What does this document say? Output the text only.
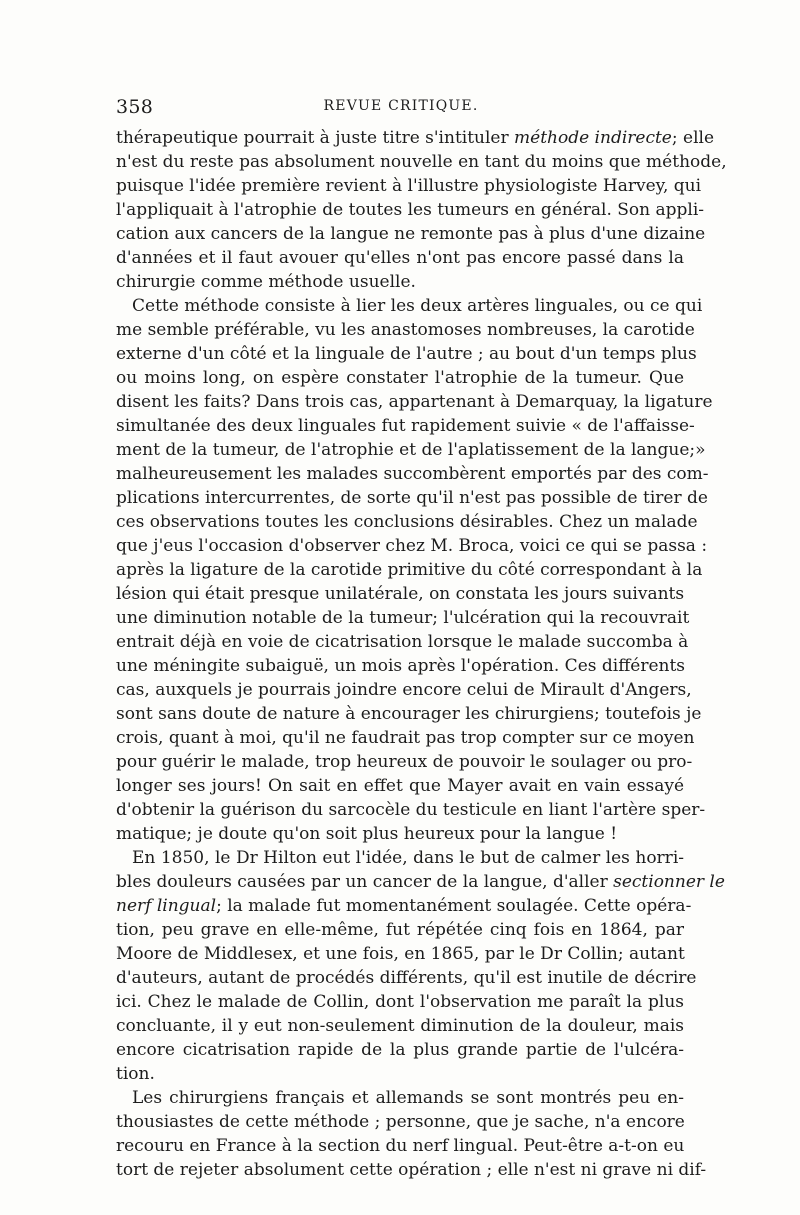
358	REVUE CRITIQUE.
thérapeutique pourrait à juste titre s'intituler méthode indirecte; elle
n'est du reste pas absolument nouvelle en tant du moins que méthode,
puisque l'idée première revient à l'illustre physiologiste Harvey, qui
l'appliquait à l'atrophie de toutes les tumeurs en général. Son appli-
cation aux cancers de la langue ne remonte pas à plus d'une dizaine
d'années et il faut avouer qu'elles n'ont pas encore passé dans la
chirurgie comme méthode usuelle.
Cette méthode consiste à lier les deux artères linguales, ou ce qui
me semble préférable, vu les anastomoses nombreuses, la carotide
externe d'un côté et la linguale de l'autre ; au bout d'un temps plus
ou moins long, on espère constater l'atrophie de la tumeur. Que
disent les faits? Dans trois cas, appartenant à Demarquay, la ligature
simultanée des deux linguales fut rapidement suivie « de l'affaisse-
ment de la tumeur, de l'atrophie et de l'aplatissement de la langue;»
malheureusement les malades succombèrent emportés par des com-
plications intercurrentes, de sorte qu'il n'est pas possible de tirer de
ces observations toutes les conclusions désirables. Chez un malade
que j'eus l'occasion d'observer chez M. Broca, voici ce qui se passa :
après la ligature de la carotide primitive du côté correspondant à la
lésion qui était presque unilatérale, on constata les jours suivants
une diminution notable de la tumeur; l'ulcération qui la recouvrait
entrait déjà en voie de cicatrisation lorsque le malade succomba à
une méningite subaiguë, un mois après l'opération. Ces différents
cas, auxquels je pourrais joindre encore celui de Mirault d'Angers,
sont sans doute de nature à encourager les chirurgiens; toutefois je
crois, quant à moi, qu'il ne faudrait pas trop compter sur ce moyen
pour guérir le malade, trop heureux de pouvoir le soulager ou pro-
longer ses jours! On sait en effet que Mayer avait en vain essayé
d'obtenir la guérison du sarcocèle du testicule en liant l'artère sper-
matique; je doute qu'on soit plus heureux pour la langue !
En 1850, le Dr Hilton eut l'idée, dans le but de calmer les horri-
bles douleurs causées par un cancer de la langue, d'aller sectionner le
nerf lingual; la malade fut momentanément soulagée. Cette opéra-
tion, peu grave en elle-même, fut répétée cinq fois en 1864, par
Moore de Middlesex, et une fois, en 1865, par le Dr Collin; autant
d'auteurs, autant de procédés différents, qu'il est inutile de décrire
ici. Chez le malade de Collin, dont l'observation me paraît la plus
concluante, il y eut non-seulement diminution de la douleur, mais
encore cicatrisation rapide de la plus grande partie de l'ulcéra-
tion.
Les chirurgiens français et allemands se sont montrés peu en-
thousiastes de cette méthode ; personne, que je sache, n'a encore
recouru en France à la section du nerf lingual. Peut-être a-t-on eu
tort de rejeter absolument cette opération ; elle n'est ni grave ni dif-
